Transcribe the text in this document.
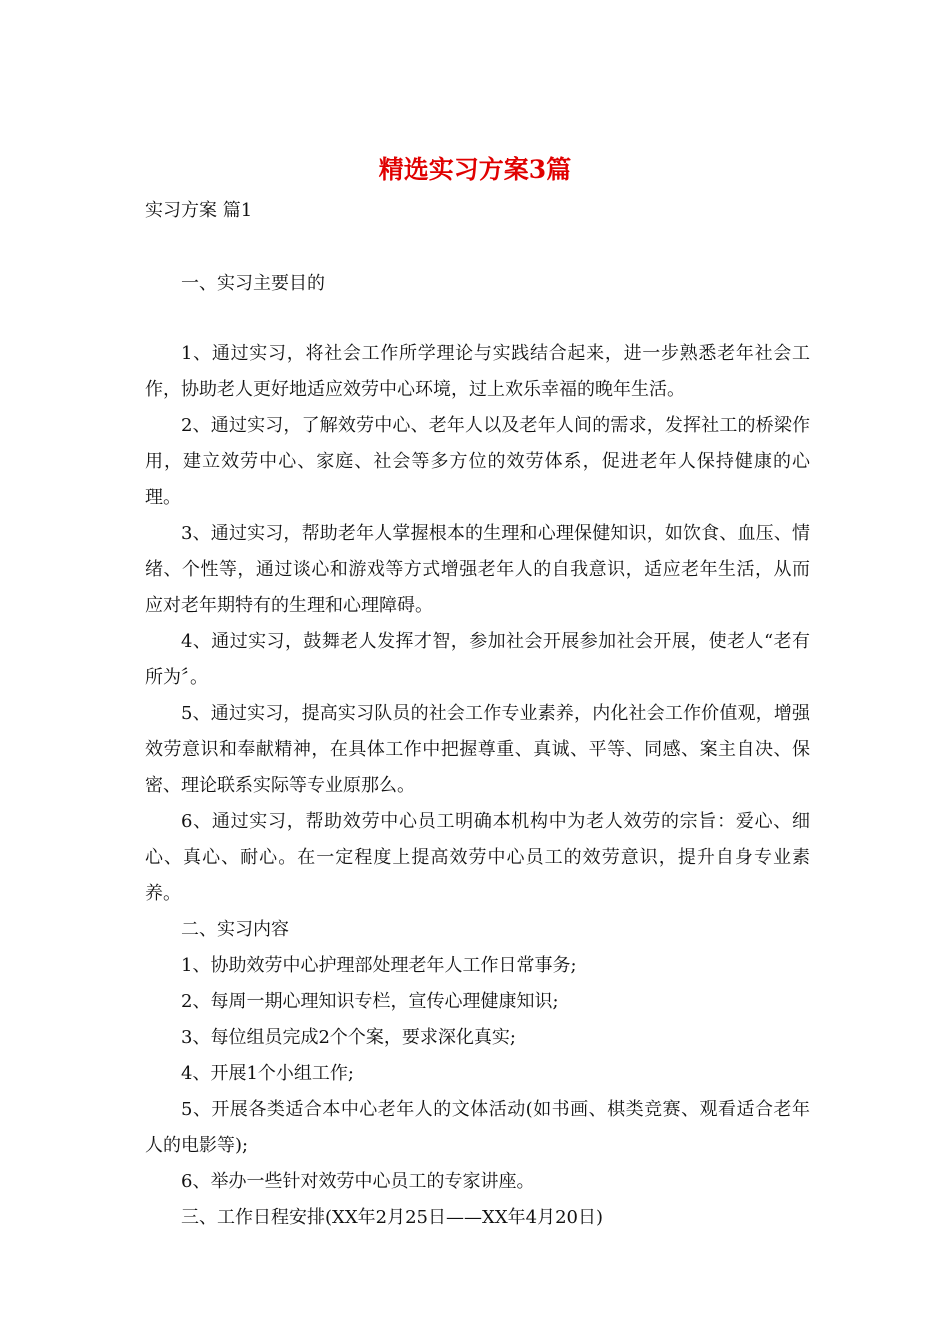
精选实习方案3篇
实习方案 篇1

一、实习主要目的

1、通过实习，将社会工作所学理论与实践结合起来，进一步熟悉老年社会工作，协助老人更好地适应效劳中心环境，过上欢乐幸福的晚年生活。

2、通过实习，了解效劳中心、老年人以及老年人间的需求，发挥社工的桥梁作用，建立效劳中心、家庭、社会等多方位的效劳体系，促进老年人保持健康的心理。

3、通过实习，帮助老年人掌握根本的生理和心理保健知识，如饮食、血压、情绪、个性等，通过谈心和游戏等方式增强老年人的自我意识，适应老年生活，从而应对老年期特有的生理和心理障碍。

4、通过实习，鼓舞老人发挥才智，参加社会开展参加社会开展，使老人“老有所为〞。

5、通过实习，提高实习队员的社会工作专业素养，内化社会工作价值观，增强效劳意识和奉献精神，在具体工作中把握尊重、真诚、平等、同感、案主自决、保密、理论联系实际等专业原那么。

6、通过实习，帮助效劳中心员工明确本机构中为老人效劳的宗旨：爱心、细心、真心、耐心。在一定程度上提高效劳中心员工的效劳意识，提升自身专业素养。

二、实习内容

1、协助效劳中心护理部处理老年人工作日常事务;

2、每周一期心理知识专栏，宣传心理健康知识;

3、每位组员完成2个个案，要求深化真实;

4、开展1个小组工作;

5、开展各类适合本中心老年人的文体活动(如书画、棋类竞赛、观看适合老年人的电影等);

6、举办一些针对效劳中心员工的专家讲座。

三、工作日程安排(XX年2月25日——XX年4月20日)
